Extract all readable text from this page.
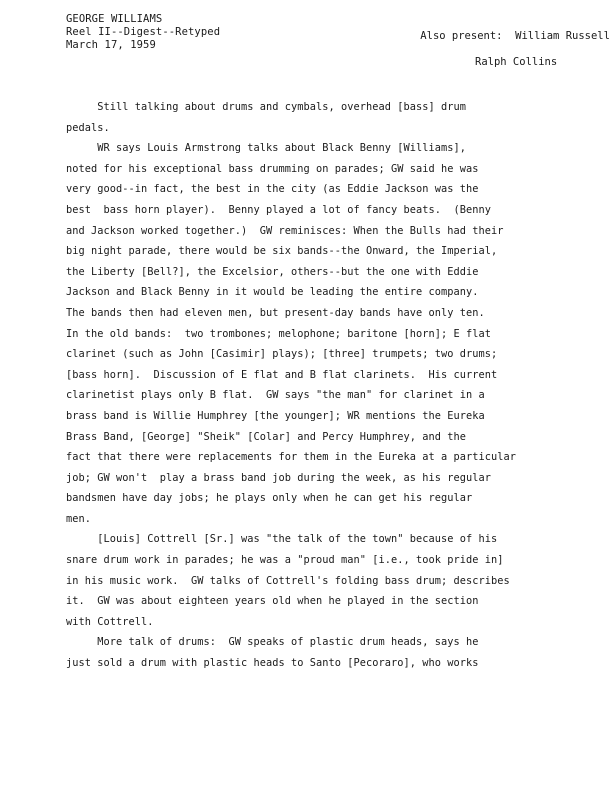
GEORGE WILLIAMS
Reel II--Digest--Retyped
March 17, 1959

Also present:  William Russell

Ralph Collins

Still talking about drums and cymbals, overhead [bass] drum
pedals.
WR says Louis Armstrong talks about Black Benny [Williams],
noted for his exceptional bass drumming on parades; GW said he was
very good--in fact, the best in the city (as Eddie Jackson was the
best  bass horn player).  Benny played a lot of fancy beats.  (Benny
and Jackson worked together.)  GW reminisces: When the Bulls had their
big night parade, there would be six bands--the Onward, the Imperial,
the Liberty [Bell?], the Excelsior, others--but the one with Eddie
Jackson and Black Benny in it would be leading the entire company.
The bands then had eleven men, but present-day bands have only ten.
In the old bands:  two trombones; melophone; baritone [horn]; E flat
clarinet (such as John [Casimir] plays); [three] trumpets; two drums;
[bass horn].  Discussion of E flat and B flat clarinets.  His current
clarinetist plays only B flat.  GW says "the man" for clarinet in a
brass band is Willie Humphrey [the younger]; WR mentions the Eureka
Brass Band, [George] "Sheik" [Colar] and Percy Humphrey, and the
fact that there were replacements for them in the Eureka at a particular
job; GW won't  play a brass band job during the week, as his regular
bandsmen have day jobs; he plays only when he can get his regular
men.
[Louis] Cottrell [Sr.] was "the talk of the town" because of his
snare drum work in parades; he was a "proud man" [i.e., took pride in]
in his music work.  GW talks of Cottrell's folding bass drum; describes
it.  GW was about eighteen years old when he played in the section
with Cottrell.
More talk of drums:  GW speaks of plastic drum heads, says he
just sold a drum with plastic heads to Santo [Pecoraro], who works
